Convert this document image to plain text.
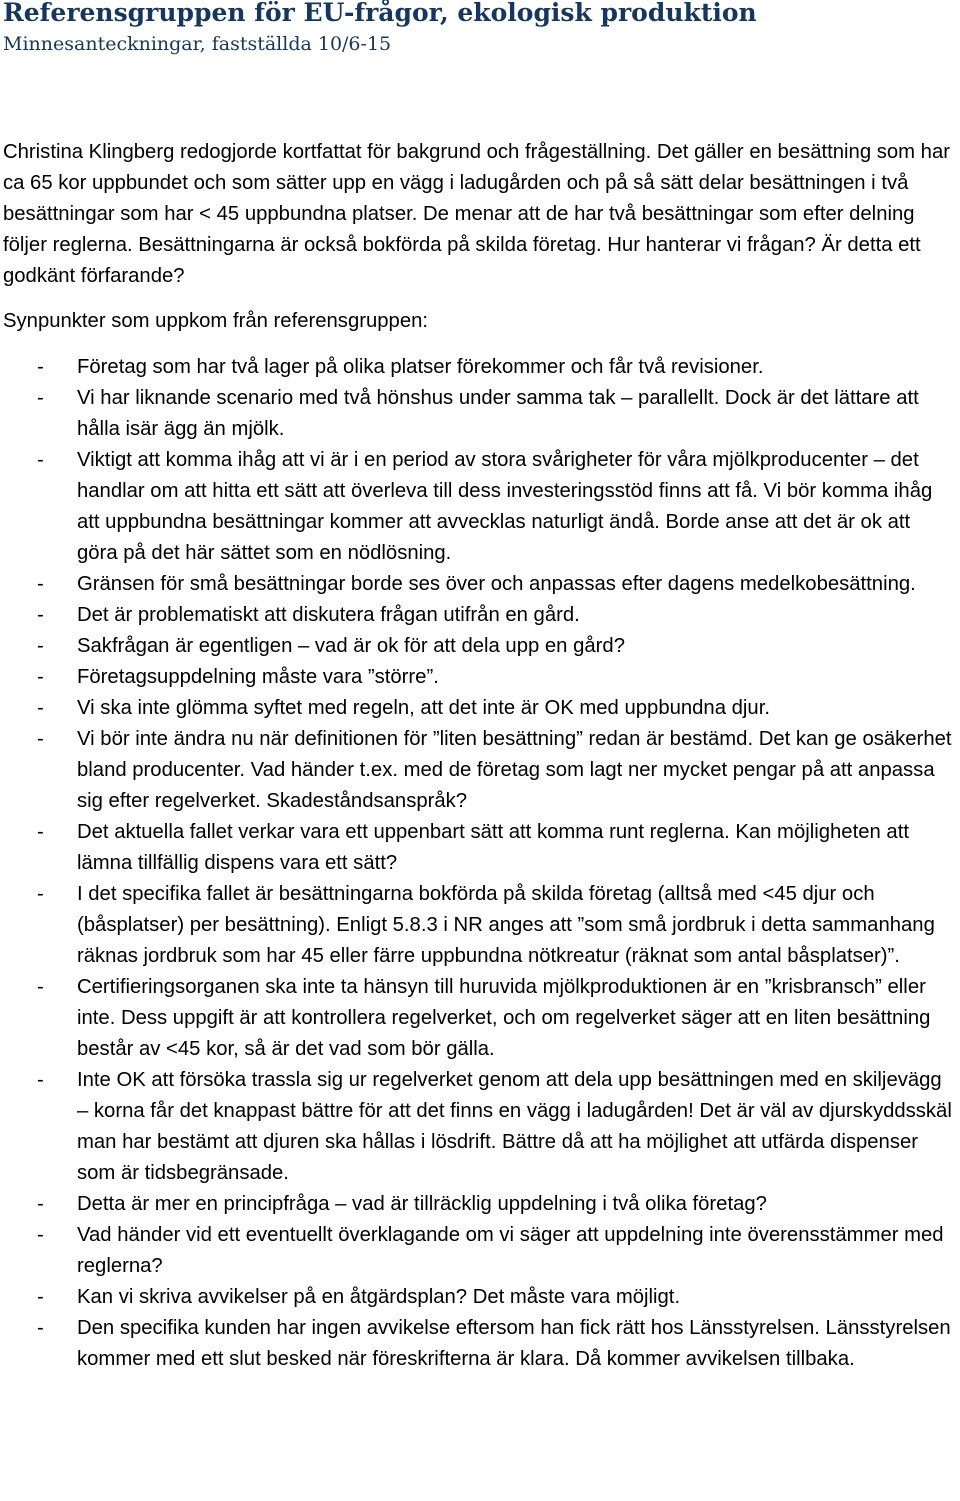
Referensgruppen för EU-frågor, ekologisk produktion
Minnesanteckningar, fastställda 10/6-15

Christina Klingberg redogjorde kortfattat för bakgrund och frågeställning. Det gäller en besättning som har ca 65 kor uppbundet och som sätter upp en vägg i ladugården och på så sätt delar besättningen i två besättningar som har < 45 uppbundna platser. De menar att de har två besättningar som efter delning följer reglerna. Besättningarna är också bokförda på skilda företag. Hur hanterar vi frågan? Är detta ett godkänt förfarande?

Synpunkter som uppkom från referensgruppen:

- Företag som har två lager på olika platser förekommer och får två revisioner.
- Vi har liknande scenario med två hönshus under samma tak – parallellt. Dock är det lättare att hålla isär ägg än mjölk.
- Viktigt att komma ihåg att vi är i en period av stora svårigheter för våra mjölkproducenter – det handlar om att hitta ett sätt att överleva till dess investeringsstöd finns att få. Vi bör komma ihåg att uppbundna besättningar kommer att avvecklas naturligt ändå. Borde anse att det är ok att göra på det här sättet som en nödlösning.
- Gränsen för små besättningar borde ses över och anpassas efter dagens medelkobesättning.
- Det är problematiskt att diskutera frågan utifrån en gård.
- Sakfrågan är egentligen – vad är ok för att dela upp en gård?
- Företagsuppdelning måste vara ”större”.
- Vi ska inte glömma syftet med regeln, att det inte är OK med uppbundna djur.
- Vi bör inte ändra nu när definitionen för ”liten besättning” redan är bestämd. Det kan ge osäkerhet bland producenter. Vad händer t.ex. med de företag som lagt ner mycket pengar på att anpassa sig efter regelverket. Skadeståndsanspråk?
- Det aktuella fallet verkar vara ett uppenbart sätt att komma runt reglerna. Kan möjligheten att lämna tillfällig dispens vara ett sätt?
- I det specifika fallet är besättningarna bokförda på skilda företag (alltså med <45 djur och (båsplatser) per besättning). Enligt 5.8.3 i NR anges att ”som små jordbruk i detta sammanhang räknas jordbruk som har 45 eller färre uppbundna nötkreatur (räknat som antal båsplatser)”.
- Certifieringsorganen ska inte ta hänsyn till huruvida mjölkproduktionen är en ”krisbransch” eller inte. Dess uppgift är att kontrollera regelverket, och om regelverket säger att en liten besättning består av <45 kor, så är det vad som bör gälla.
- Inte OK att försöka trassla sig ur regelverket genom att dela upp besättningen med en skiljevägg – korna får det knappast bättre för att det finns en vägg i ladugården! Det är väl av djurskyddsskäl man har bestämt att djuren ska hållas i lösdrift. Bättre då att ha möjlighet att utfärda dispenser som är tidsbegränsade.
- Detta är mer en principfråga – vad är tillräcklig uppdelning i två olika företag?
- Vad händer vid ett eventuellt överklagande om vi säger att uppdelning inte överensstämmer med reglerna?
- Kan vi skriva avvikelser på en åtgärdsplan? Det måste vara möjligt.
- Den specifika kunden har ingen avvikelse eftersom han fick rätt hos Länsstyrelsen. Länsstyrelsen kommer med ett slut besked när föreskrifterna är klara. Då kommer avvikelsen tillbaka.
